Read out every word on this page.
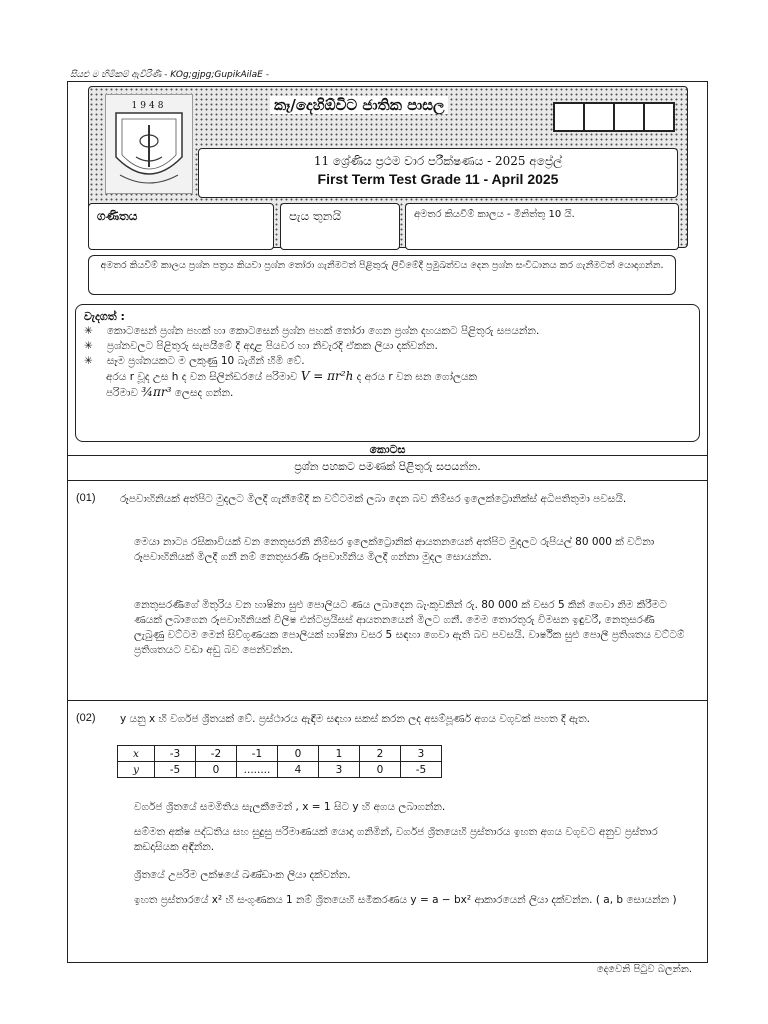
සියළු ම හිමිකම් ඇවිරිණි - KOg;gjpg;GupikAilaE -
1948	කෑ/දෙහිඕවිට ජාතික පාසල
11 ශ්‍රේණිය ප්‍රථම වාර පරීක්ෂණය - 2025 අප්‍රේල්
First Term Test Grade 11 - April 2025
ගණිතය	පැය තුනයි	අමතර කියවීම් කාලය - මිනිත්තු 10 යි.
අමතර කියවීම් කාලය ප්‍රශ්න පත්‍රය කියවා ප්‍රශ්න තෝරා ගැනීමටත් පිළිතුරු ලිවීමේදී ප්‍රමුඛත්වය දෙන ප්‍රශ්න සංවිධානය කර ගැනීමටත් යොදාගන්න.
වැදගත් :
✳ කොටසෙන් ප්‍රශ්න පහක් හා කොටසෙන් ප්‍රශ්න පහක් තෝරා ගෙන ප්‍රශ්න දහයකට පිළිතුරු සපයන්න.
✳ ප්‍රශ්නවලට පිළිතුරු සැපයීමේ දී අදාළ පියවර හා නිවැරදි ඒකක ලියා දක්වන්න.
✳ සෑම ප්‍රශ්නයකට ම ලකුණු 10 බැගින් හිමි වේ.
අරය r වූද උස h ද වන සිලින්ඩරයේ පරිමාව V = πr²h ද අරය r වන ඝන ගෝලයක
පරිමාව ¾πr³ ලෙසද ගන්න.
කොටස
ප්‍රශ්න පහකට පමණක් පිළිතුරු සපයන්න.
(01) රූපවාහිනියක් අත්පිට මුදලට මිලදී ගැනීමේදී ක වට්ටමක් ලබා දෙන බව නිම්සර ඉලෙක්ට්‍රොනික්ස් අධිපතිතුමා පවසයි.
මෙයා නාට්‍ය රසිකාවියක් වන නෙතුසරනි නිම්සර ඉලෙක්ට්‍රොනික් ආයතනයෙන් අත්පිට මුදලට රුපියල් 80 000 ක් වටිනා රූපවාහිනියක් මිලදී ගනී නම් නෙතුසරණී රූපවාහිනිය මිලදී ගන්නා මුදල සොයන්න.
නෙතුසරණීගේ මිතුරිය වන හාෂිනා සුළු පොලියට ණය ලබාදෙන බැංකුවකින් රු. 80 000 ක් වසර 5 කින් ගෙවා නිම කිරීමට ණයක් ලබාගෙන රූපවාහිනියක් විලිෂ එන්ටප්‍රයිසස් ආයතනයෙන් මිලට ගනී. මෙම තොරතුරු විමසන ඉඳුවරී, නෙතුසරණී ලැබුණු වට්ටම මෙන් සිව්ගුණයක පොලියක් හාෂිනා වසර 5 සඳහා ගෙවා ඇති බව පවසයි. වාර්ෂික සුළු පොලී ප්‍රතිශතය වට්ටම් ප්‍රතිශතයට වඩා අඩු බව පෙන්වන්න.
(02) y යනු x හි වර්ගජ ශ්‍රිතයක් වේ. ප්‍රස්ථාරය ඇඳීම සඳහා සකස් කරන ලද අසම්පූර්ණ අගය වගුවක් පහත දී ඇත.
x	-3	-2	-1	0	1	2	3
y	-5	0	........	4	3	0	-5
වර්ගජ ශ්‍රිතයේ සමමිතිය සැලකීමෙන් , x = 1 සිට y හි අගය ලබාගන්න.
සම්මත අක්ෂ පද්ධතිය සහ සුදුසු පරිමාණයක් යොදා ගනිමින්, වර්ගජ ශ්‍රිතයෙහි ප්‍රස්තාරය ඉහත අගය වගුවට අනුව ප්‍රස්තාර කඩදාසියක අඳින්න.
ශ්‍රිතයේ උපරිම ලක්ෂයේ ඛණ්ඩාංක ලියා දක්වන්න.
ඉහත ප්‍රස්තාරයේ x² හි සංගුණකය 1 නම් ශ්‍රිතයෙහි සමීකරණය y = a − bx² ආකාරයෙන් ලියා දක්වන්න. ( a, b සොයන්න )
දෙවෙනි පිටුව බලන්න.
